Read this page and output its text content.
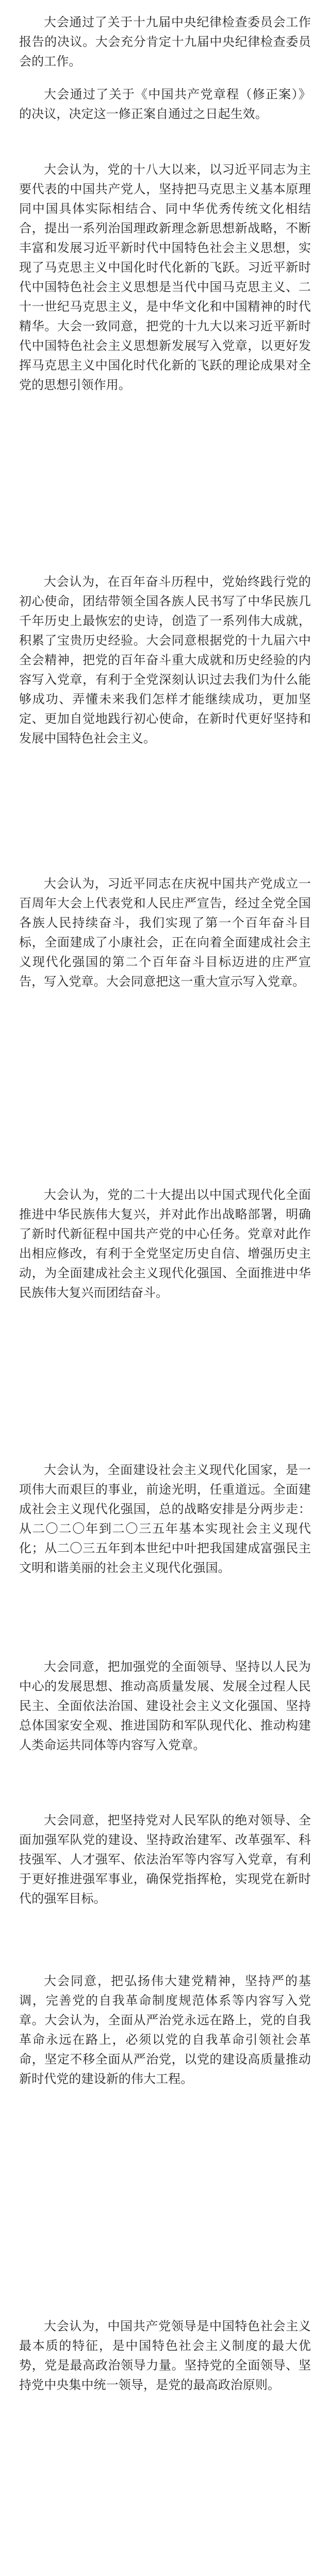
大会通过了关于十九届中央纪律检查委员会工作报告的决议。大会充分肯定十九届中央纪律检查委员会的工作。

大会通过了关于《中国共产党章程（修正案）》的决议，决定这一修正案自通过之日起生效。

大会认为，党的十八大以来，以习近平同志为主要代表的中国共产党人，坚持把马克思主义基本原理同中国具体实际相结合、同中华优秀传统文化相结合，提出一系列治国理政新理念新思想新战略，不断丰富和发展习近平新时代中国特色社会主义思想，实现了马克思主义中国化时代化新的飞跃。习近平新时代中国特色社会主义思想是当代中国马克思主义、二十一世纪马克思主义，是中华文化和中国精神的时代精华。大会一致同意，把党的十九大以来习近平新时代中国特色社会主义思想新发展写入党章，以更好发挥马克思主义中国化时代化新的飞跃的理论成果对全党的思想引领作用。

大会认为，在百年奋斗历程中，党始终践行党的初心使命，团结带领全国各族人民书写了中华民族几千年历史上最恢宏的史诗，创造了一系列伟大成就，积累了宝贵历史经验。大会同意根据党的十九届六中全会精神，把党的百年奋斗重大成就和历史经验的内容写入党章，有利于全党深刻认识过去我们为什么能够成功、弄懂未来我们怎样才能继续成功，更加坚定、更加自觉地践行初心使命，在新时代更好坚持和发展中国特色社会主义。

大会认为，习近平同志在庆祝中国共产党成立一百周年大会上代表党和人民庄严宣告，经过全党全国各族人民持续奋斗，我们实现了第一个百年奋斗目标，全面建成了小康社会，正在向着全面建成社会主义现代化强国的第二个百年奋斗目标迈进的庄严宣告，写入党章。大会同意把这一重大宣示写入党章。

大会认为，党的二十大提出以中国式现代化全面推进中华民族伟大复兴，并对此作出战略部署，明确了新时代新征程中国共产党的中心任务。党章对此作出相应修改，有利于全党坚定历史自信、增强历史主动，为全面建成社会主义现代化强国、全面推进中华民族伟大复兴而团结奋斗。

大会认为，全面建设社会主义现代化国家，是一项伟大而艰巨的事业，前途光明，任重道远。全面建成社会主义现代化强国，总的战略安排是分两步走：从二〇二〇年到二〇三五年基本实现社会主义现代化；从二〇三五年到本世纪中叶把我国建成富强民主文明和谐美丽的社会主义现代化强国。

大会同意，把加强党的全面领导、坚持以人民为中心的发展思想、推动高质量发展、发展全过程人民民主、全面依法治国、建设社会主义文化强国、坚持总体国家安全观、推进国防和军队现代化、推动构建人类命运共同体等内容写入党章。

大会同意，把坚持党对人民军队的绝对领导、全面加强军队党的建设、坚持政治建军、改革强军、科技强军、人才强军、依法治军等内容写入党章，有利于更好推进强军事业，确保党指挥枪，实现党在新时代的强军目标。

大会同意，把弘扬伟大建党精神，坚持严的基调，完善党的自我革命制度规范体系等内容写入党章。大会认为，全面从严治党永远在路上，党的自我革命永远在路上，必须以党的自我革命引领社会革命，坚定不移全面从严治党，以党的建设高质量推动新时代党的建设新的伟大工程。

大会认为，中国共产党领导是中国特色社会主义最本质的特征，是中国特色社会主义制度的最大优势，党是最高政治领导力量。坚持党的全面领导、坚持党中央集中统一领导，是党的最高政治原则。
